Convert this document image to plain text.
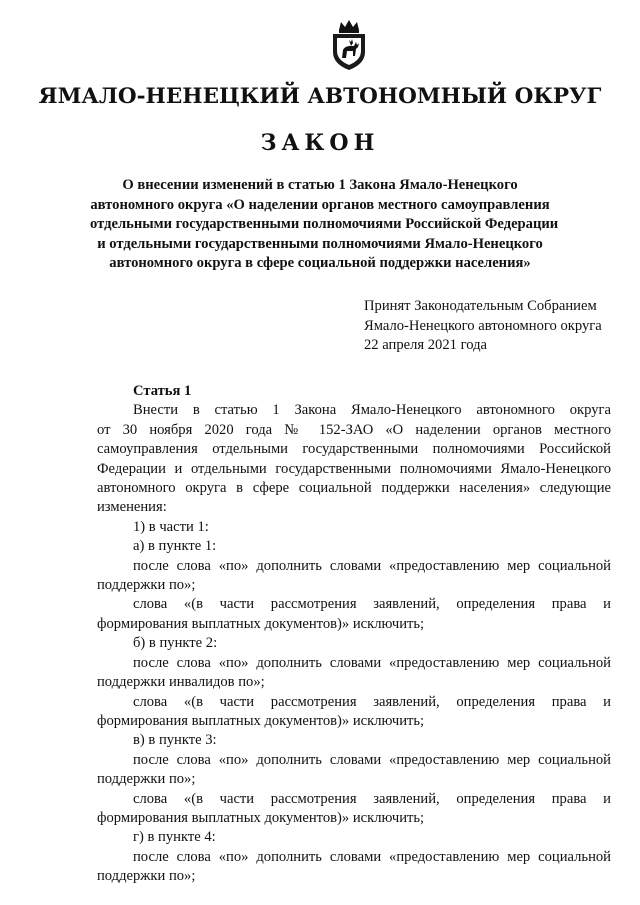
ЯМАЛО-НЕНЕЦКИЙ АВТОНОМНЫЙ ОКРУГ
ЗАКОН
О внесении изменений в статью 1 Закона Ямало-Ненецкого
автономного округа «О наделении органов местного самоуправления
отдельными государственными полномочиями Российской Федерации
и отдельными государственными полномочиями Ямало-Ненецкого
автономного округа в сфере социальной поддержки населения»
Принят Законодательным Собранием
Ямало-Ненецкого автономного округа
22 апреля 2021 года
Статья 1
Внести в статью 1 Закона Ямало-Ненецкого автономного округа
от 30 ноября 2020 года № 152-ЗАО «О наделении органов местного
самоуправления отдельными государственными полномочиями Российской
Федерации и отдельными государственными полномочиями Ямало-Ненецкого
автономного округа в сфере социальной поддержки населения» следующие
изменения:
1) в части 1:
а) в пункте 1:
после слова «по» дополнить словами «предоставлению мер социальной
поддержки по»;
слова «(в части рассмотрения заявлений, определения права и
формирования выплатных документов)» исключить;
б) в пункте 2:
после слова «по» дополнить словами «предоставлению мер социальной
поддержки инвалидов по»;
слова «(в части рассмотрения заявлений, определения права и
формирования выплатных документов)» исключить;
в) в пункте 3:
после слова «по» дополнить словами «предоставлению мер социальной
поддержки по»;
слова «(в части рассмотрения заявлений, определения права и
формирования выплатных документов)» исключить;
г) в пункте 4:
после слова «по» дополнить словами «предоставлению мер социальной
поддержки по»;
